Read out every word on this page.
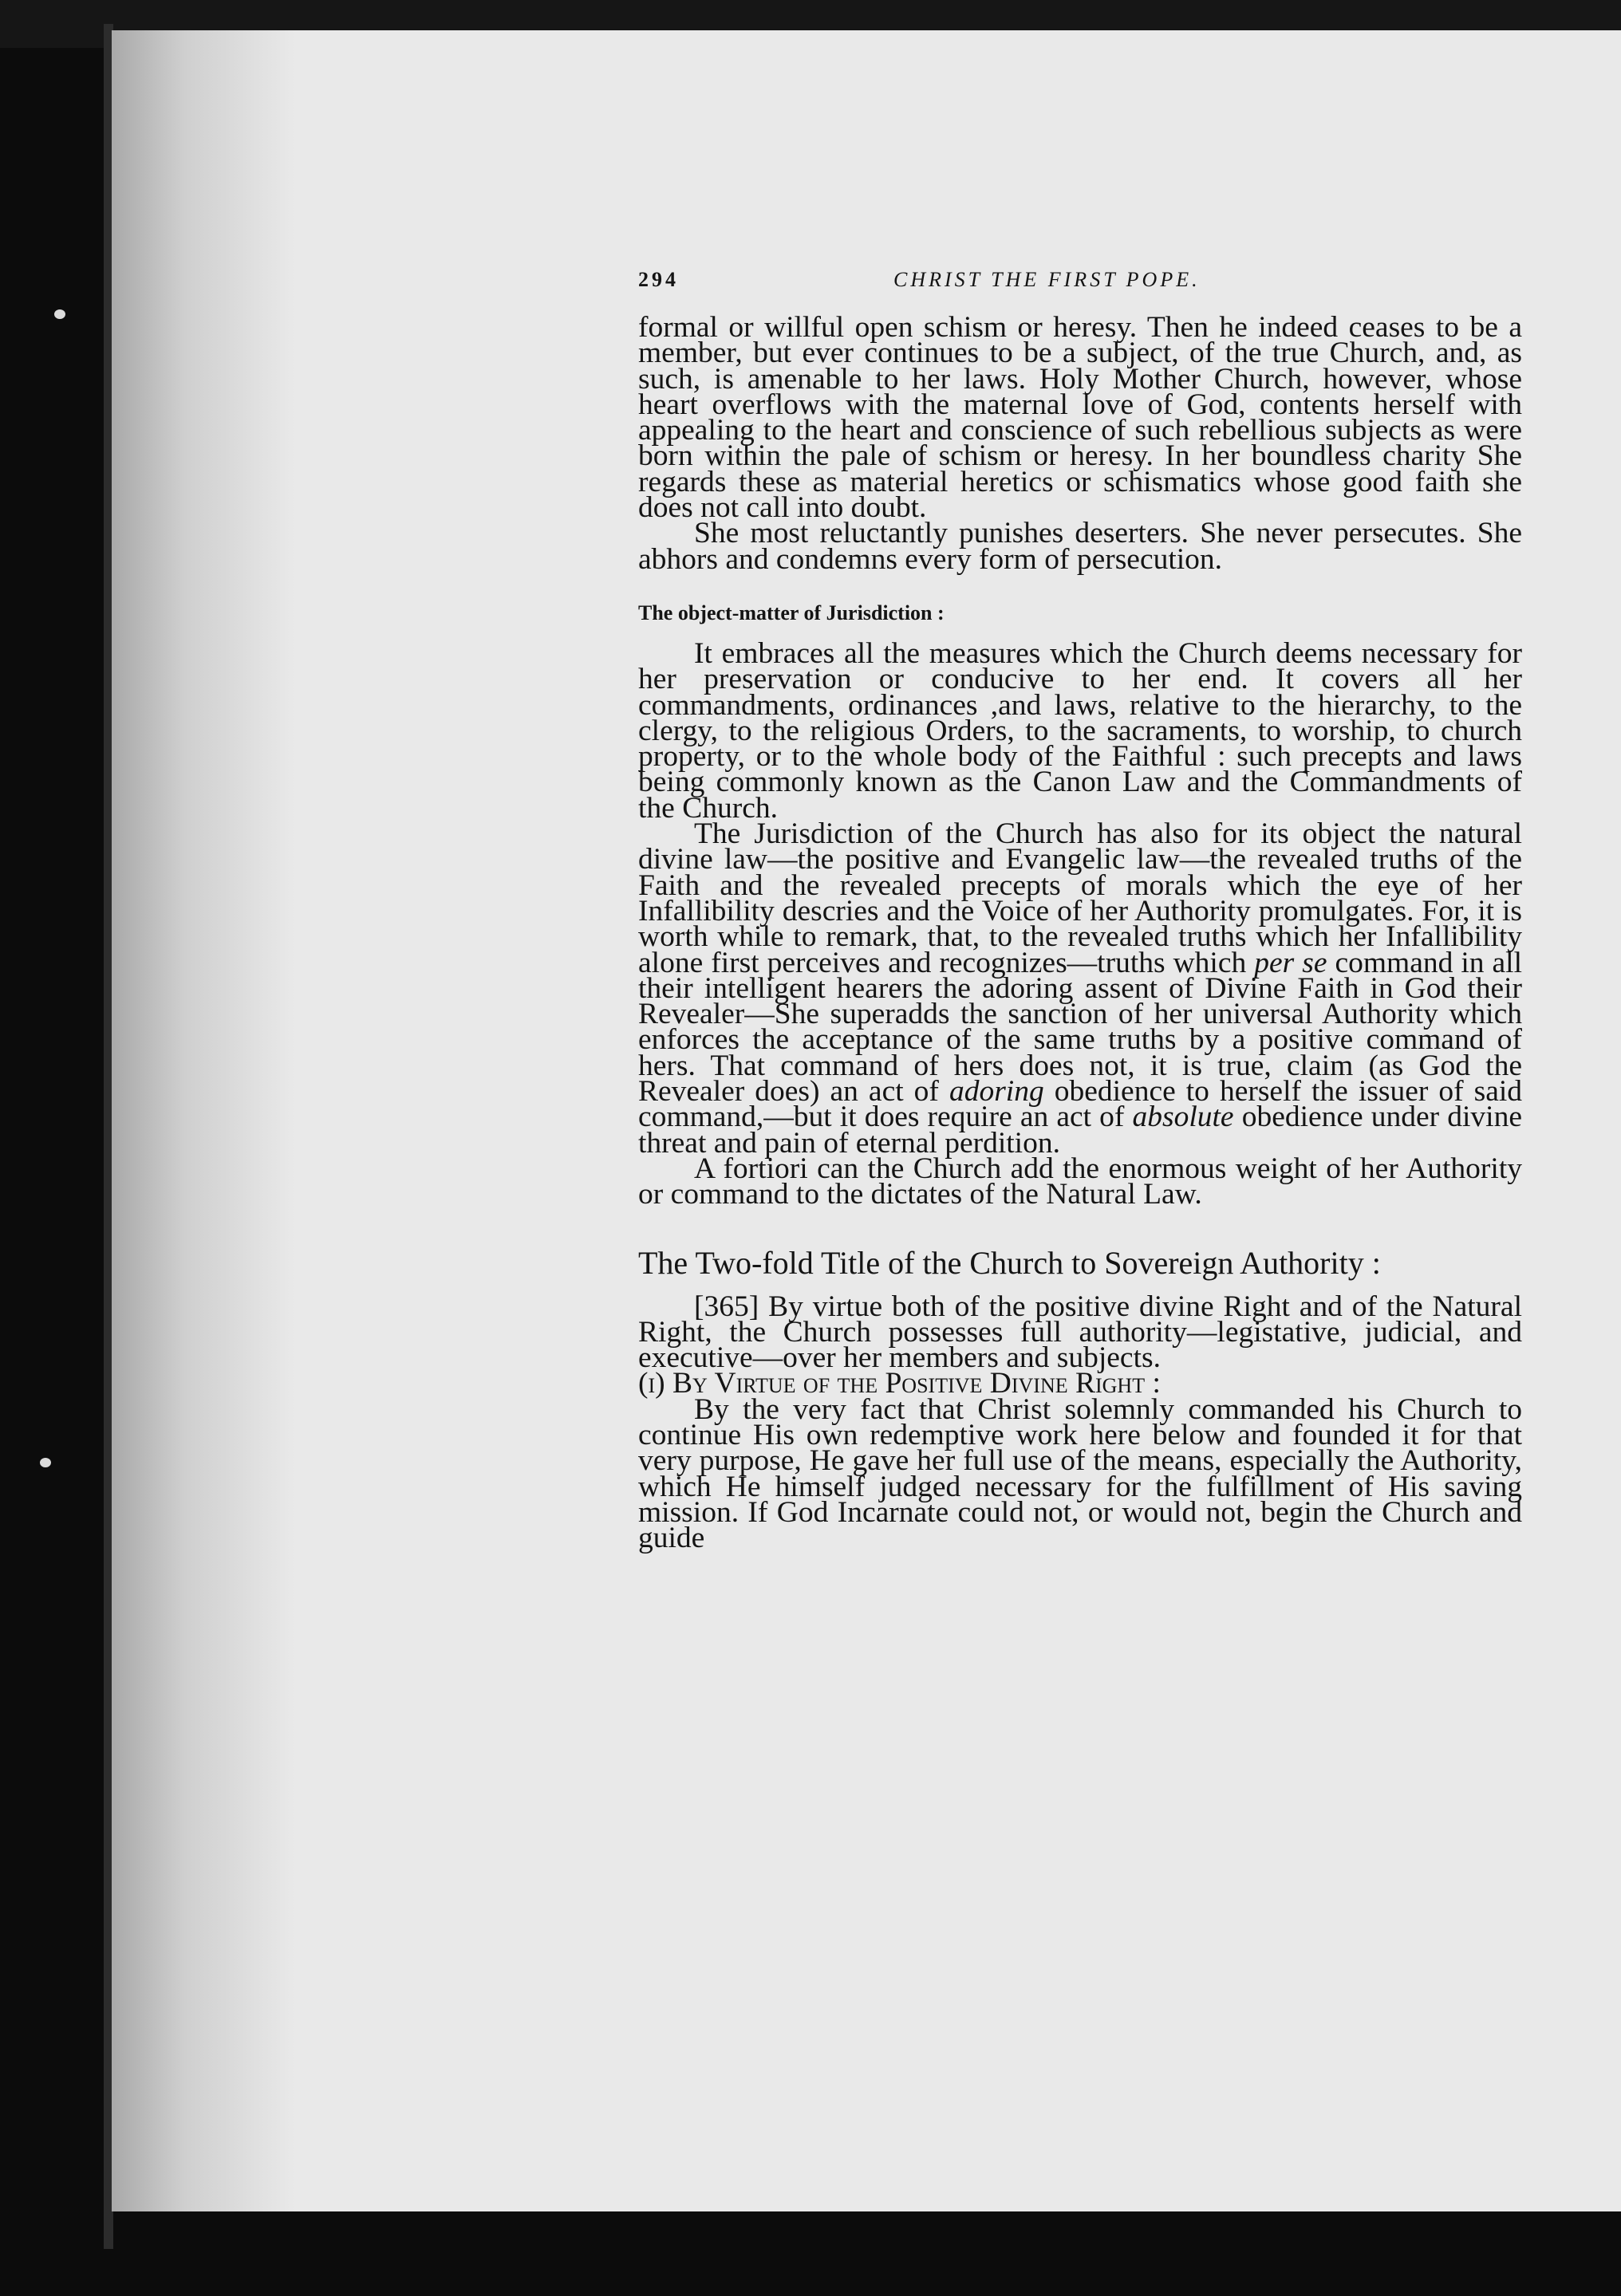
294	CHRIST THE FIRST POPE.

formal or willful open schism or heresy. Then he indeed ceases to be a member, but ever continues to be a subject, of the true Church, and, as such, is amenable to her laws. Holy Mother Church, however, whose heart overflows with the maternal love of God, contents herself with appealing to the heart and conscience of such rebellious subjects as were born within the pale of schism or heresy. In her boundless charity She regards these as material heretics or schismatics whose good faith she does not call into doubt.

She most reluctantly punishes deserters. She never persecutes. She abhors and condemns every form of persecution.

The object-matter of Jurisdiction :

It embraces all the measures which the Church deems necessary for her preservation or conducive to her end. It covers all her commandments, ordinances ,and laws, relative to the hierarchy, to the clergy, to the religious Orders, to the sacraments, to worship, to church property, or to the whole body of the Faithful : such precepts and laws being commonly known as the Canon Law and the Commandments of the Church.

The Jurisdiction of the Church has also for its object the natural divine law—the positive and Evangelic law—the revealed truths of the Faith and the revealed precepts of morals which the eye of her Infallibility descries and the Voice of her Authority promulgates. For, it is worth while to remark, that, to the revealed truths which her Infallibility alone first perceives and recognizes—truths which per se command in all their intelligent hearers the adoring assent of Divine Faith in God their Revealer—She superadds the sanction of her universal Authority which enforces the acceptance of the same truths by a positive command of hers. That command of hers does not, it is true, claim (as God the Revealer does) an act of adoring obedience to herself the issuer of said command,—but it does require an act of absolute obedience under divine threat and pain of eternal perdition.

A fortiori can the Church add the enormous weight of her Authority or command to the dictates of the Natural Law.

The Two-fold Title of the Church to Sovereign Authority :

[365] By virtue both of the positive divine Right and of the Natural Right, the Church possesses full authority—legistative, judicial, and executive—over her members and subjects.

(i) By Virtue of the Positive Divine Right :

By the very fact that Christ solemnly commanded his Church to continue His own redemptive work here below and founded it for that very purpose, He gave her full use of the means, especially the Authority, which He himself judged necessary for the fulfillment of His saving mission. If God Incarnate could not, or would not, begin the Church and guide
